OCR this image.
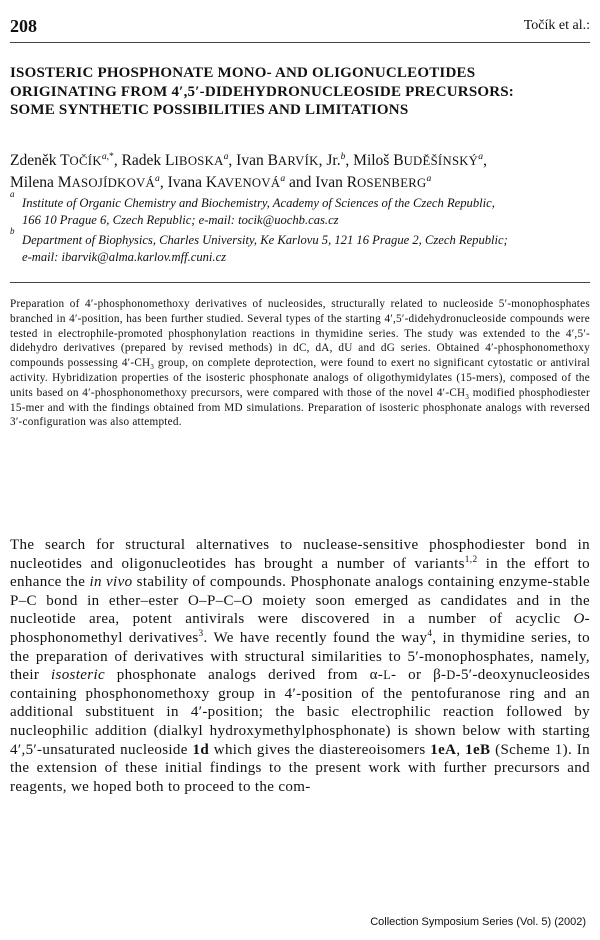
208	Točík et al.:
ISOSTERIC PHOSPHONATE MONO- AND OLIGONUCLEOTIDES
ORIGINATING FROM 4′,5′-DIDEHYDRONUCLEOSIDE PRECURSORS:
SOME SYNTHETIC POSSIBILITIES AND LIMITATIONS
Zdeněk $TOČÍK^{a,*}$, Radek LIBOSKA$^a$, Ivan BARVÍK, Jr.$^b$, Miloš BUDĚŠÍNSKÝ$^a$,
Milena MASOJÍDKOVÁ$^a$, Ivana KAVENOVÁ$^a$ and Ivan ROSENBERG$^a$
a
Institute of Organic Chemistry and Biochemistry, Academy of Sciences of the Czech Republic,
166 10 Prague 6, Czech Republic; e-mail: tocik@uochb.cas.cz
b
Department of Biophysics, Charles University, Ke Karlovu 5, 121 16 Prague 2, Czech Republic;
e-mail: ibarvik@alma.karlov.mff.cuni.cz

Preparation of 4′-phosphonomethoxy derivatives of nucleosides, structurally related to nucleoside 5′-monophosphates branched in 4′-position, has been further studied. Several types of the starting 4′,5′-didehydronucleoside compounds were tested in electrophile-promoted phosphonylation reactions in thymidine series. The study was extended to the 4′,5′-didehydro derivatives (prepared by revised methods) in dC, dA, dU and dG series. Obtained 4′-phosphonomethoxy compounds possessing $4'-CH_3$ group, on complete deprotection, were found to exert no significant cytostatic or antiviral activity. Hybridization properties of the isosteric phosphonate analogs of oligothymidylates (15-mers), composed of the units based on 4′-phosphonomethoxy precursors, were compared with those of the novel $4'-CH_3$ modified phosphodiester 15-mer and with the findings obtained from MD simulations. Preparation of isosteric phosphonate analogs with reversed 3′-configuration was also attempted.

The search for structural alternatives to nuclease-sensitive phosphodiester bond in nucleotides and oligonucleotides has brought a number of variants$^{1,2}$ in the effort to enhance the in vivo stability of compounds. Phosphonate analogs containing enzyme-stable P–C bond in ether–ester O–P–C–O moiety soon emerged as candidates and in the nucleotide area, potent antivirals were discovered in a number of acyclic O-phosphonomethyl derivatives$^3$. We have recently found the way$^4$, in thymidine series, to the preparation of derivatives with structural similarities to 5′-monophosphates, namely, their isosteric phosphonate analogs derived from α-L- or β-D-5′-deoxynucleosides containing phosphonomethoxy group in 4′-position of the pentofuranose ring and an additional substituent in 4′-position; the basic electrophilic reaction followed by nucleophilic addition (dialkyl hydroxymethylphosphonate) is shown below with starting 4′,5′-unsaturated nucleoside 1d which gives the diastereoisomers 1eA, 1eB (Scheme 1). In the extension of these initial findings to the present work with further precursors and reagents, we hoped both to proceed to the com-

Collection Symposium Series (Vol. 5) (2002)
